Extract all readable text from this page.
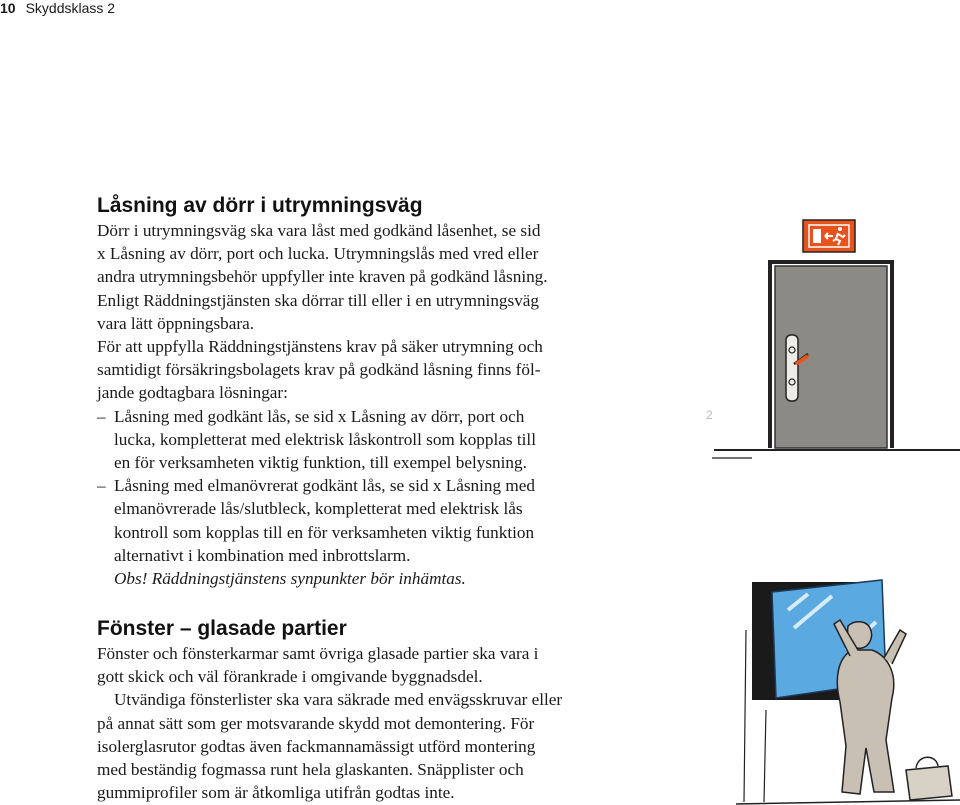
10 Skyddsklass 2
Låsning av dörr i utrymningsväg

Dörr i utrymningsväg ska vara låst med godkänd låsenhet, se sid

x Låsning av dörr, port och lucka. Utrymningslås med vred eller

andra utrymningsbehör uppfyller inte kraven på godkänd låsning.

Enligt Räddningstjänsten ska dörrar till eller i en utrymningsväg

vara lätt öppningsbara.

För att uppfylla Räddningstjänstens krav på säker utrymning och

samtidigt försäkringsbolagets krav på godkänd låsning finns föl-

jande godtagbara lösningar:

– Låsning med godkänt lås, se sid x Låsning av dörr, port och

lucka, kompletterat med elektrisk låskontroll som kopplas till

en för verksamheten viktig funktion, till exempel belysning.

– Låsning med elmanövrerat godkänt lås, se sid x Låsning med

elmanövrerade lås/slutbleck, kompletterat med elektrisk lås

kontroll som kopplas till en för verksamheten viktig funktion

alternativt i kombination med inbrottslarm.

Obs! Räddningstjänstens synpunkter bör inhämtas.

Fönster – glasade partier

Fönster och fönsterkarmar samt övriga glasade partier ska vara i

gott skick och väl förankrade i omgivande byggnadsdel.

Utvändiga fönsterlister ska vara säkrade med envägsskruvar eller

på annat sätt som ger motsvarande skydd mot demontering. För

isolerglasrutor godtas även fackmannamässigt utförd montering

med beständig fogmassa runt hela glaskanten. Snäpplister och

gummiprofiler som är åtkomliga utifrån godtas inte.

2
